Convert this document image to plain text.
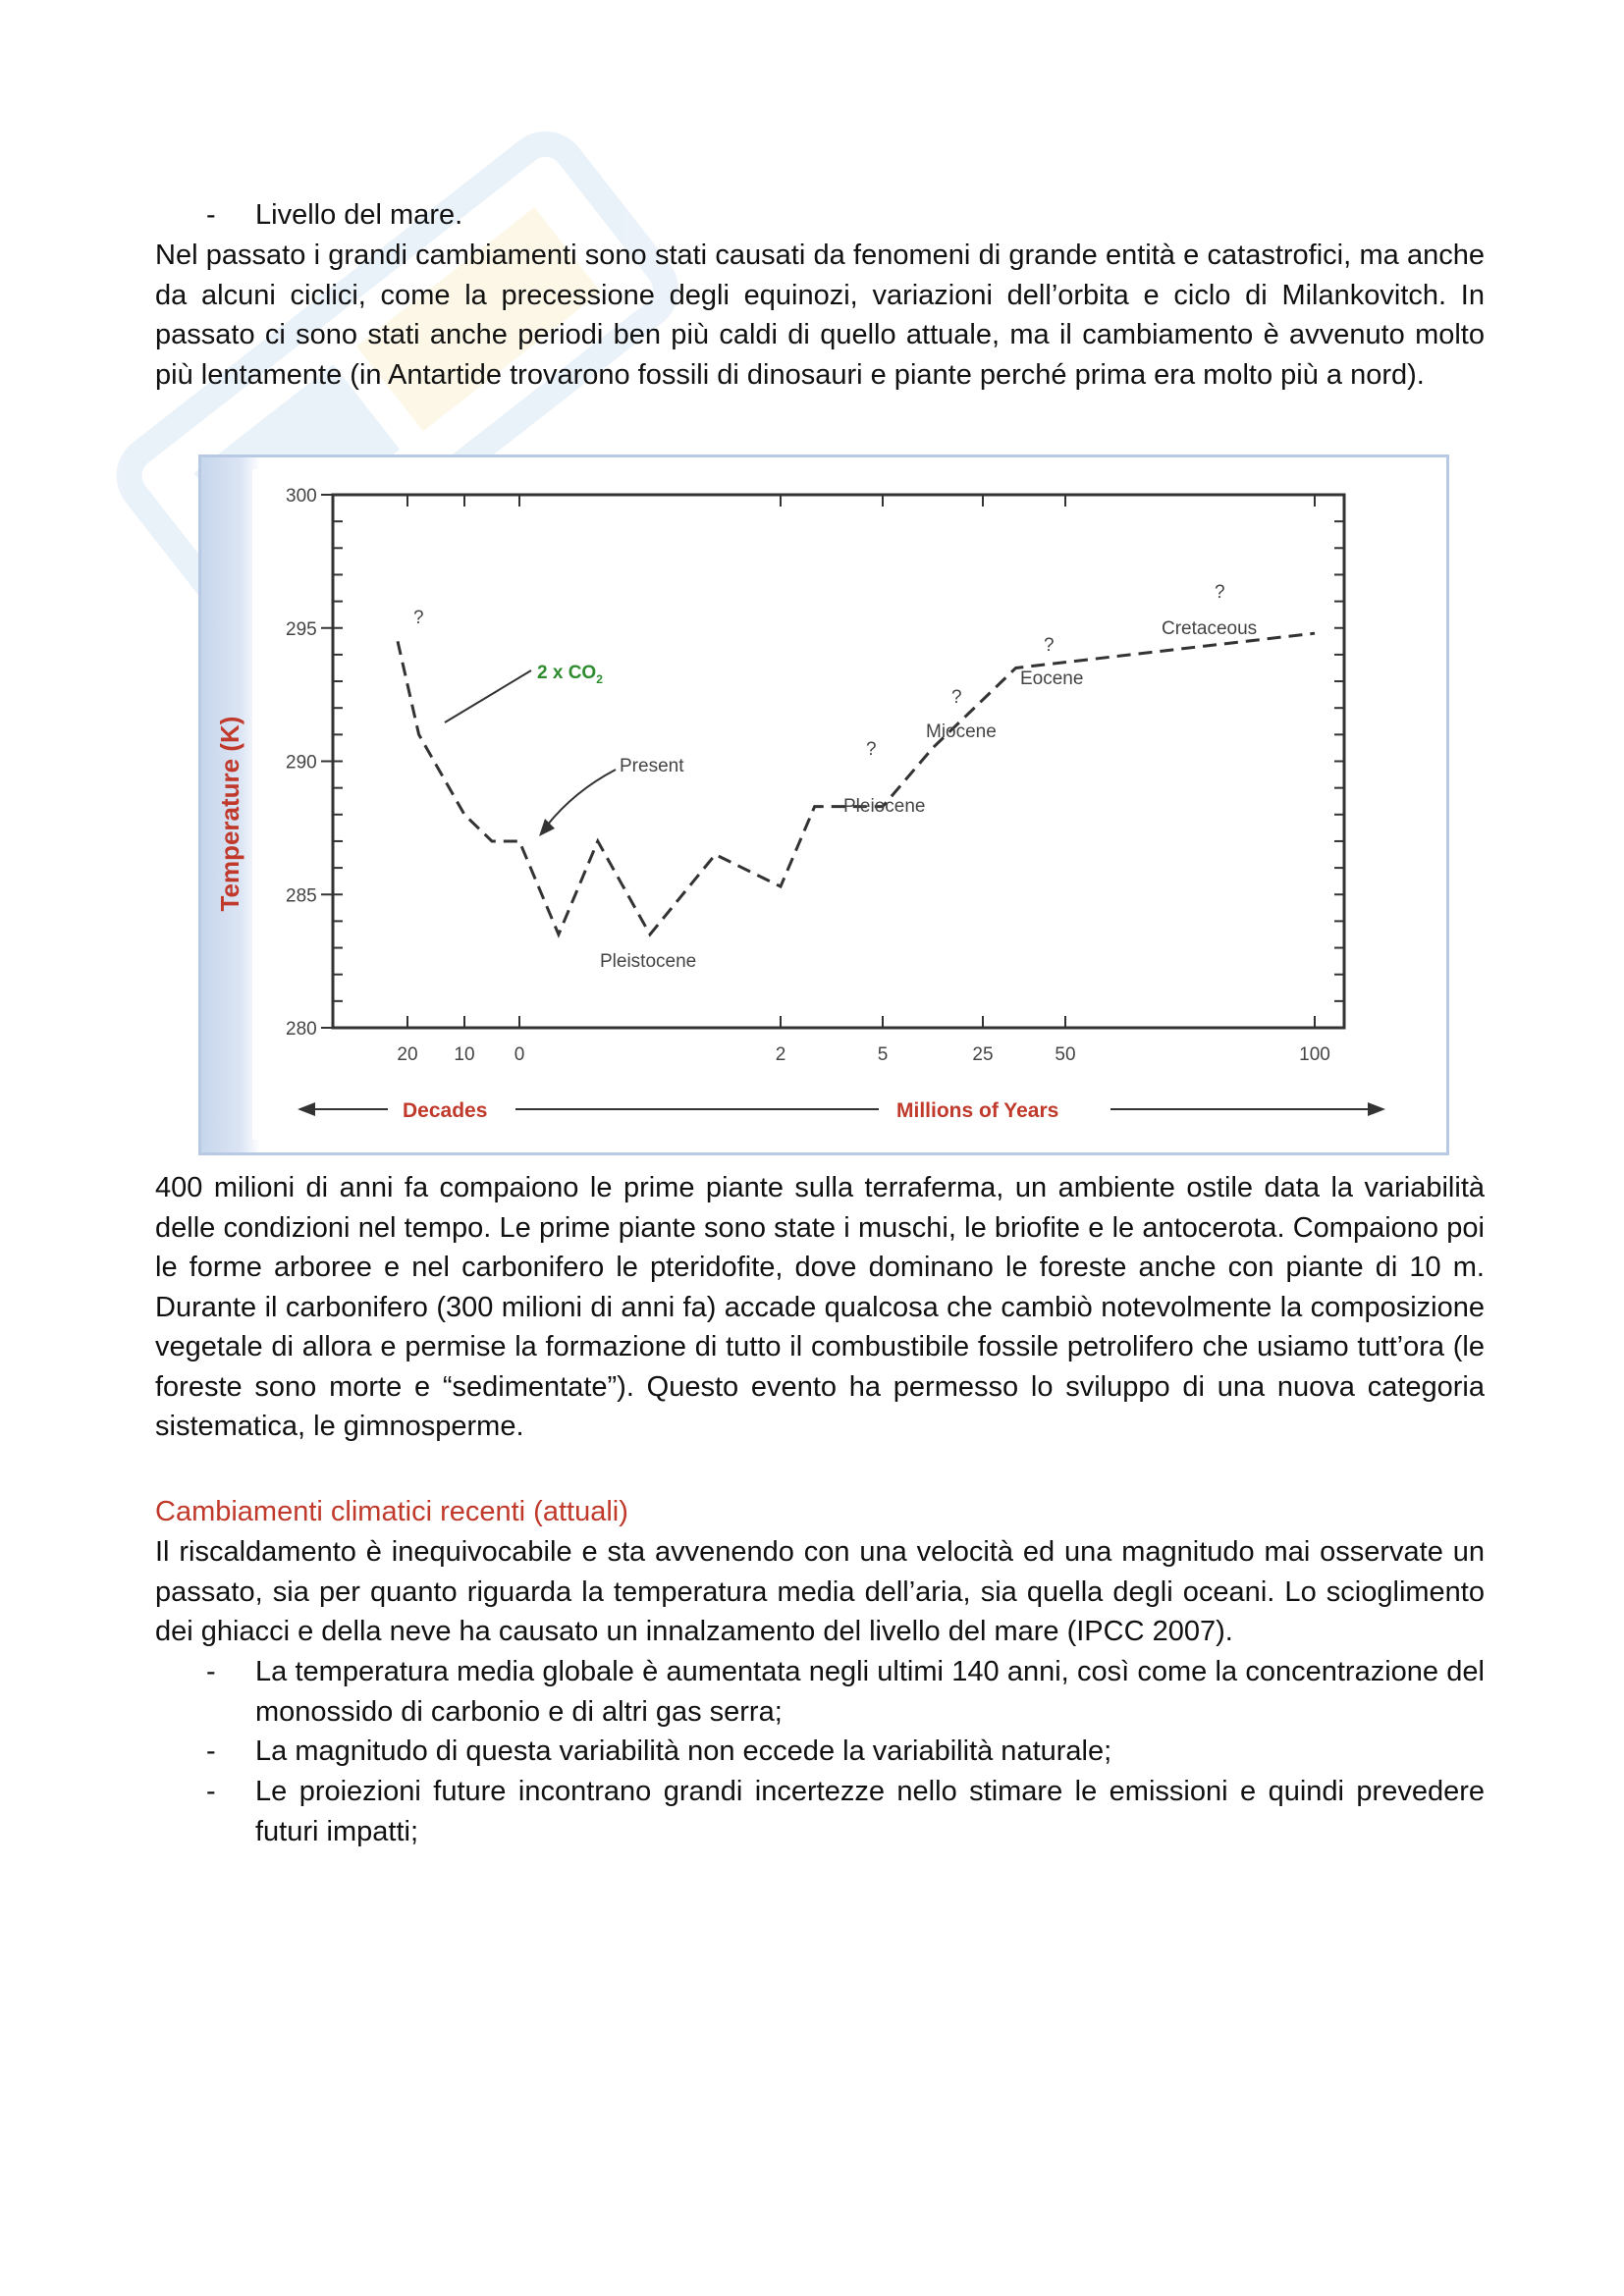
- Livello del mare.

Nel passato i grandi cambiamenti sono stati causati da fenomeni di grande entità e catastrofici, ma anche da alcuni ciclici, come la precessione degli equinozi, variazioni dell’orbita e ciclo di Milankovitch. In passato ci sono stati anche periodi ben più caldi di quello attuale, ma il cambiamento è avvenuto molto più lentamente (in Antartide trovarono fossili di dinosauri e piante perché prima era molto più a nord).

Temperature (K)
300
295
290
285
280
20 10 0	2	5	25	50	100
?
2 x $CO_2$
Present
Pleistocene
?
Pleiocene
?
Miocene
?
Eocene
?
Cretaceous
Decades	Millions of Years

400 milioni di anni fa compaiono le prime piante sulla terraferma, un ambiente ostile data la variabilità delle condizioni nel tempo. Le prime piante sono state i muschi, le briofite e le antocerota. Compaiono poi le forme arboree e nel carbonifero le pteridofite, dove dominano le foreste anche con piante di 10 m. Durante il carbonifero (300 milioni di anni fa) accade qualcosa che cambiò notevolmente la composizione vegetale di allora e permise la formazione di tutto il combustibile fossile petrolifero che usiamo tutt’ora (le foreste sono morte e “sedimentate”). Questo evento ha permesso lo sviluppo di una nuova categoria sistematica, le gimnosperme.

Cambiamenti climatici recenti (attuali)

Il riscaldamento è inequivocabile e sta avvenendo con una velocità ed una magnitudo mai osservate un passato, sia per quanto riguarda la temperatura media dell’aria, sia quella degli oceani. Lo scioglimento dei ghiacci e della neve ha causato un innalzamento del livello del mare (IPCC 2007).

- La temperatura media globale è aumentata negli ultimi 140 anni, così come la concentrazione del monossido di carbonio e di altri gas serra;
- La magnitudo di questa variabilità non eccede la variabilità naturale;
- Le proiezioni future incontrano grandi incertezze nello stimare le emissioni e quindi prevedere futuri impatti;
